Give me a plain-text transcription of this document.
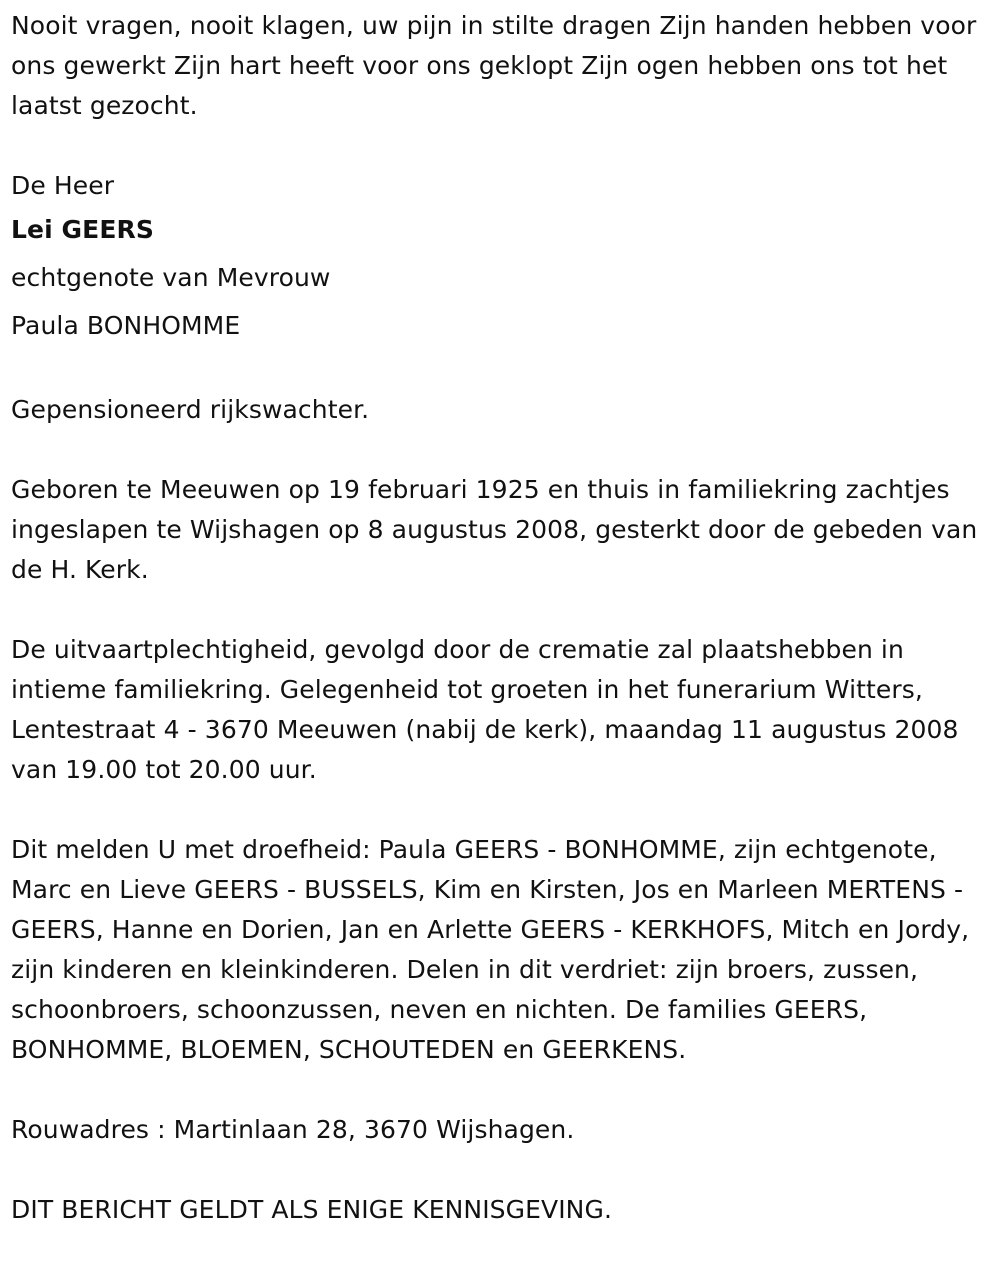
Nooit vragen, nooit klagen, uw pijn in stilte dragen Zijn handen hebben voor ons gewerkt Zijn hart heeft voor ons geklopt Zijn ogen hebben ons tot het laatst gezocht.

De Heer

Lei GEERS

echtgenote van Mevrouw

Paula BONHOMME

Gepensioneerd rijkswachter.

Geboren te Meeuwen op 19 februari 1925 en thuis in familiekring zachtjes ingeslapen te Wijshagen op 8 augustus 2008, gesterkt door de gebeden van de H. Kerk.

De uitvaartplechtigheid, gevolgd door de crematie zal plaatshebben in intieme familiekring. Gelegenheid tot groeten in het funerarium Witters, Lentestraat 4 - 3670 Meeuwen (nabij de kerk), maandag 11 augustus 2008 van 19.00 tot 20.00 uur.

Dit melden U met droefheid: Paula GEERS - BONHOMME, zijn echtgenote, Marc en Lieve GEERS - BUSSELS, Kim en Kirsten, Jos en Marleen MERTENS - GEERS, Hanne en Dorien, Jan en Arlette GEERS - KERKHOFS, Mitch en Jordy, zijn kinderen en kleinkinderen. Delen in dit verdriet: zijn broers, zussen, schoonbroers, schoonzussen, neven en nichten. De families GEERS, BONHOMME, BLOEMEN, SCHOUTEDEN en GEERKENS.

Rouwadres : Martinlaan 28, 3670 Wijshagen.

DIT BERICHT GELDT ALS ENIGE KENNISGEVING.
